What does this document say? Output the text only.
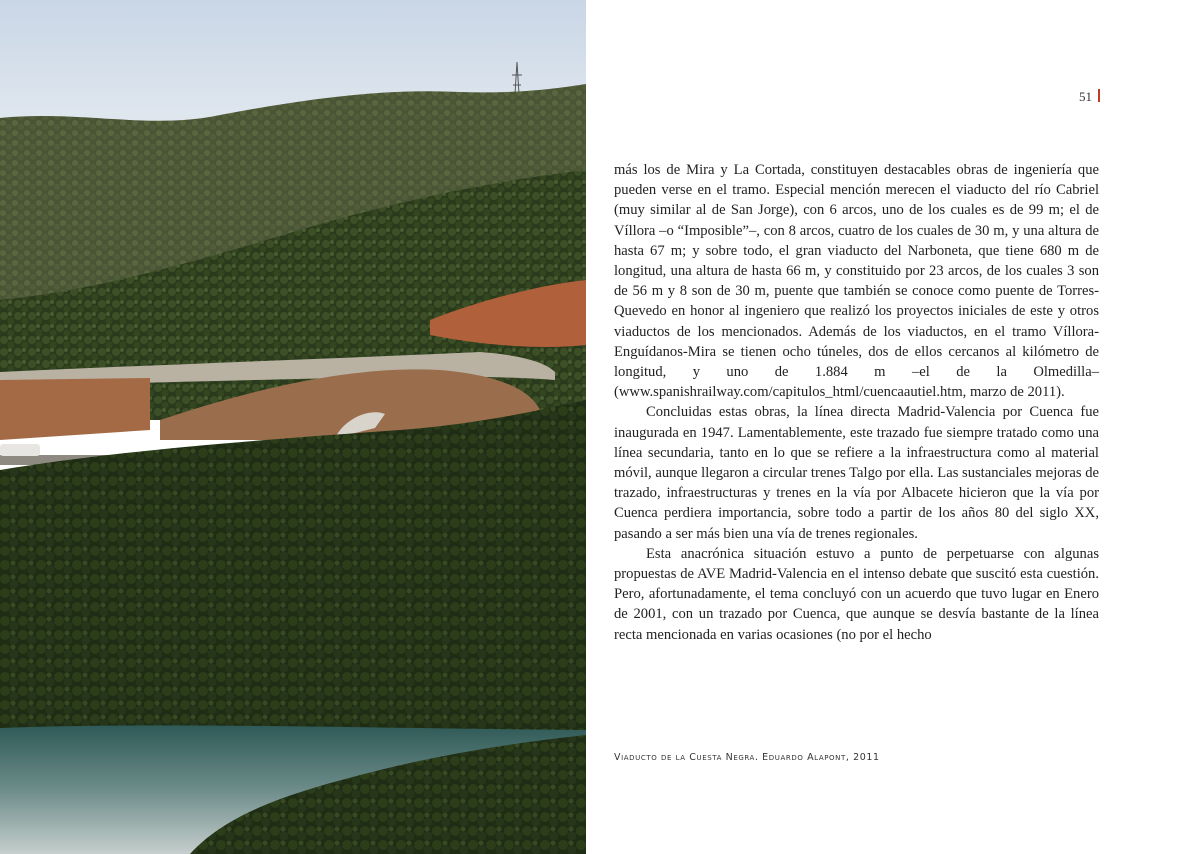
51

más los de Mira y La Cortada, constituyen destacables obras de ingeniería que pueden verse en el tramo. Especial mención merecen el viaducto del río Cabriel (muy similar al de San Jorge), con 6 arcos, uno de los cuales es de 99 m; el de Víllora –o “Imposible”–, con 8 arcos, cuatro de los cuales de 30 m, y una altura de hasta 67 m; y sobre todo, el gran viaducto del Narboneta, que tiene 680 m de longitud, una altura de hasta 66 m, y constituido por 23 arcos, de los cuales 3 son de 56 m y 8 son de 30 m, puente que también se conoce como puente de Torres-Quevedo en honor al ingeniero que realizó los proyectos iniciales de este y otros viaductos de los mencionados. Además de los viaductos, en el tramo Víllora-Enguídanos-Mira se tienen ocho túneles, dos de ellos cercanos al kilómetro de longitud, y uno de 1.884 m –el de la Olmedilla– (www.spanishrailway.com/capitulos_html/cuencaautiel.htm, marzo de 2011).

Concluidas estas obras, la línea directa Madrid-Valencia por Cuenca fue inaugurada en 1947. Lamentablemente, este trazado fue siempre tratado como una línea secundaria, tanto en lo que se refiere a la infraestructura como al material móvil, aunque llegaron a circular trenes Talgo por ella. Las sustanciales mejoras de trazado, infraestructuras y trenes en la vía por Albacete hicieron que la vía por Cuenca perdiera importancia, sobre todo a partir de los años 80 del siglo XX, pasando a ser más bien una vía de trenes regionales.

Esta anacrónica situación estuvo a punto de perpetuarse con algunas propuestas de AVE Madrid-Valencia en el intenso debate que suscitó esta cuestión. Pero, afortunadamente, el tema concluyó con un acuerdo que tuvo lugar en Enero de 2001, con un trazado por Cuenca, que aunque se desvía bastante de la línea recta mencionada en varias ocasiones (no por el hecho

Viaducto de la Cuesta Negra. Eduardo Alapont, 2011
